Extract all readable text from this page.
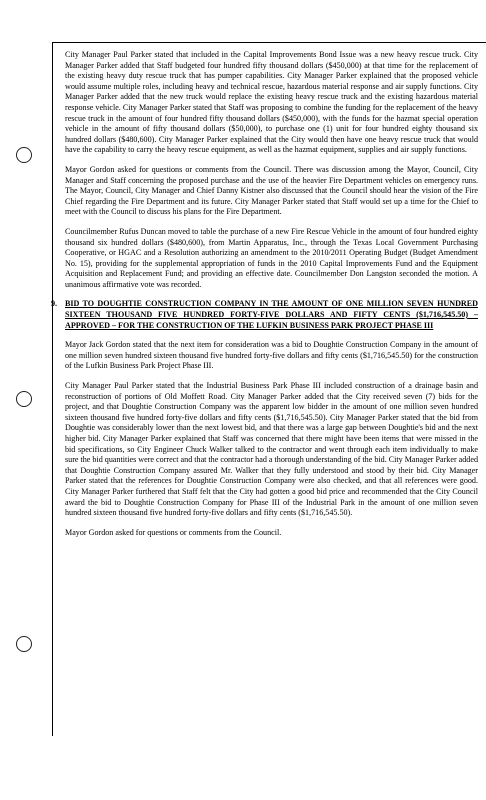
City Manager Paul Parker stated that included in the Capital Improvements Bond Issue was a new heavy rescue truck. City Manager Parker added that Staff budgeted four hundred fifty thousand dollars ($450,000) at that time for the replacement of the existing heavy duty rescue truck that has pumper capabilities. City Manager Parker explained that the proposed vehicle would assume multiple roles, including heavy and technical rescue, hazardous material response and air supply functions. City Manager Parker added that the new truck would replace the existing heavy rescue truck and the existing hazardous material response vehicle. City Manager Parker stated that Staff was proposing to combine the funding for the replacement of the heavy rescue truck in the amount of four hundred fifty thousand dollars ($450,000), with the funds for the hazmat special operation vehicle in the amount of fifty thousand dollars ($50,000), to purchase one (1) unit for four hundred eighty thousand six hundred dollars ($480,600). City Manager Parker explained that the City would then have one heavy rescue truck that would have the capability to carry the heavy rescue equipment, as well as the hazmat equipment, supplies and air supply functions.

Mayor Gordon asked for questions or comments from the Council. There was discussion among the Mayor, Council, City Manager and Staff concerning the proposed purchase and the use of the heavier Fire Department vehicles on emergency runs. The Mayor, Council, City Manager and Chief Danny Kistner also discussed that the Council should hear the vision of the Fire Chief regarding the Fire Department and its future. City Manager Parker stated that Staff would set up a time for the Chief to meet with the Council to discuss his plans for the Fire Department.

Councilmember Rufus Duncan moved to table the purchase of a new Fire Rescue Vehicle in the amount of four hundred eighty thousand six hundred dollars ($480,600), from Martin Apparatus, Inc., through the Texas Local Government Purchasing Cooperative, or HGAC and a Resolution authorizing an amendment to the 2010/2011 Operating Budget (Budget Amendment No. 15), providing for the supplemental appropriation of funds in the 2010 Capital Improvements Fund and the Equipment Acquisition and Replacement Fund; and providing an effective date. Councilmember Don Langston seconded the motion. A unanimous affirmative vote was recorded.

9. BID TO DOUGHTIE CONSTRUCTION COMPANY IN THE AMOUNT OF ONE MILLION SEVEN HUNDRED SIXTEEN THOUSAND FIVE HUNDRED FORTY-FIVE DOLLARS AND FIFTY CENTS ($1,716,545.50) – APPROVED – FOR THE CONSTRUCTION OF THE LUFKIN BUSINESS PARK PROJECT PHASE III

Mayor Jack Gordon stated that the next item for consideration was a bid to Doughtie Construction Company in the amount of one million seven hundred sixteen thousand five hundred forty-five dollars and fifty cents ($1,716,545.50) for the construction of the Lufkin Business Park Project Phase III.

City Manager Paul Parker stated that the Industrial Business Park Phase III included construction of a drainage basin and reconstruction of portions of Old Moffett Road. City Manager Parker added that the City received seven (7) bids for the project, and that Doughtie Construction Company was the apparent low bidder in the amount of one million seven hundred sixteen thousand five hundred forty-five dollars and fifty cents ($1,716,545.50). City Manager Parker stated that the bid from Doughtie was considerably lower than the next lowest bid, and that there was a large gap between Doughtie's bid and the next higher bid. City Manager Parker explained that Staff was concerned that there might have been items that were missed in the bid specifications, so City Engineer Chuck Walker talked to the contractor and went through each item individually to make sure the bid quantities were correct and that the contractor had a thorough understanding of the bid. City Manager Parker added that Doughtie Construction Company assured Mr. Walker that they fully understood and stood by their bid. City Manager Parker stated that the references for Doughtie Construction Company were also checked, and that all references were good. City Manager Parker furthered that Staff felt that the City had gotten a good bid price and recommended that the City Council award the bid to Doughtie Construction Company for Phase III of the Industrial Park in the amount of one million seven hundred sixteen thousand five hundred forty-five dollars and fifty cents ($1,716,545.50).

Mayor Gordon asked for questions or comments from the Council.
